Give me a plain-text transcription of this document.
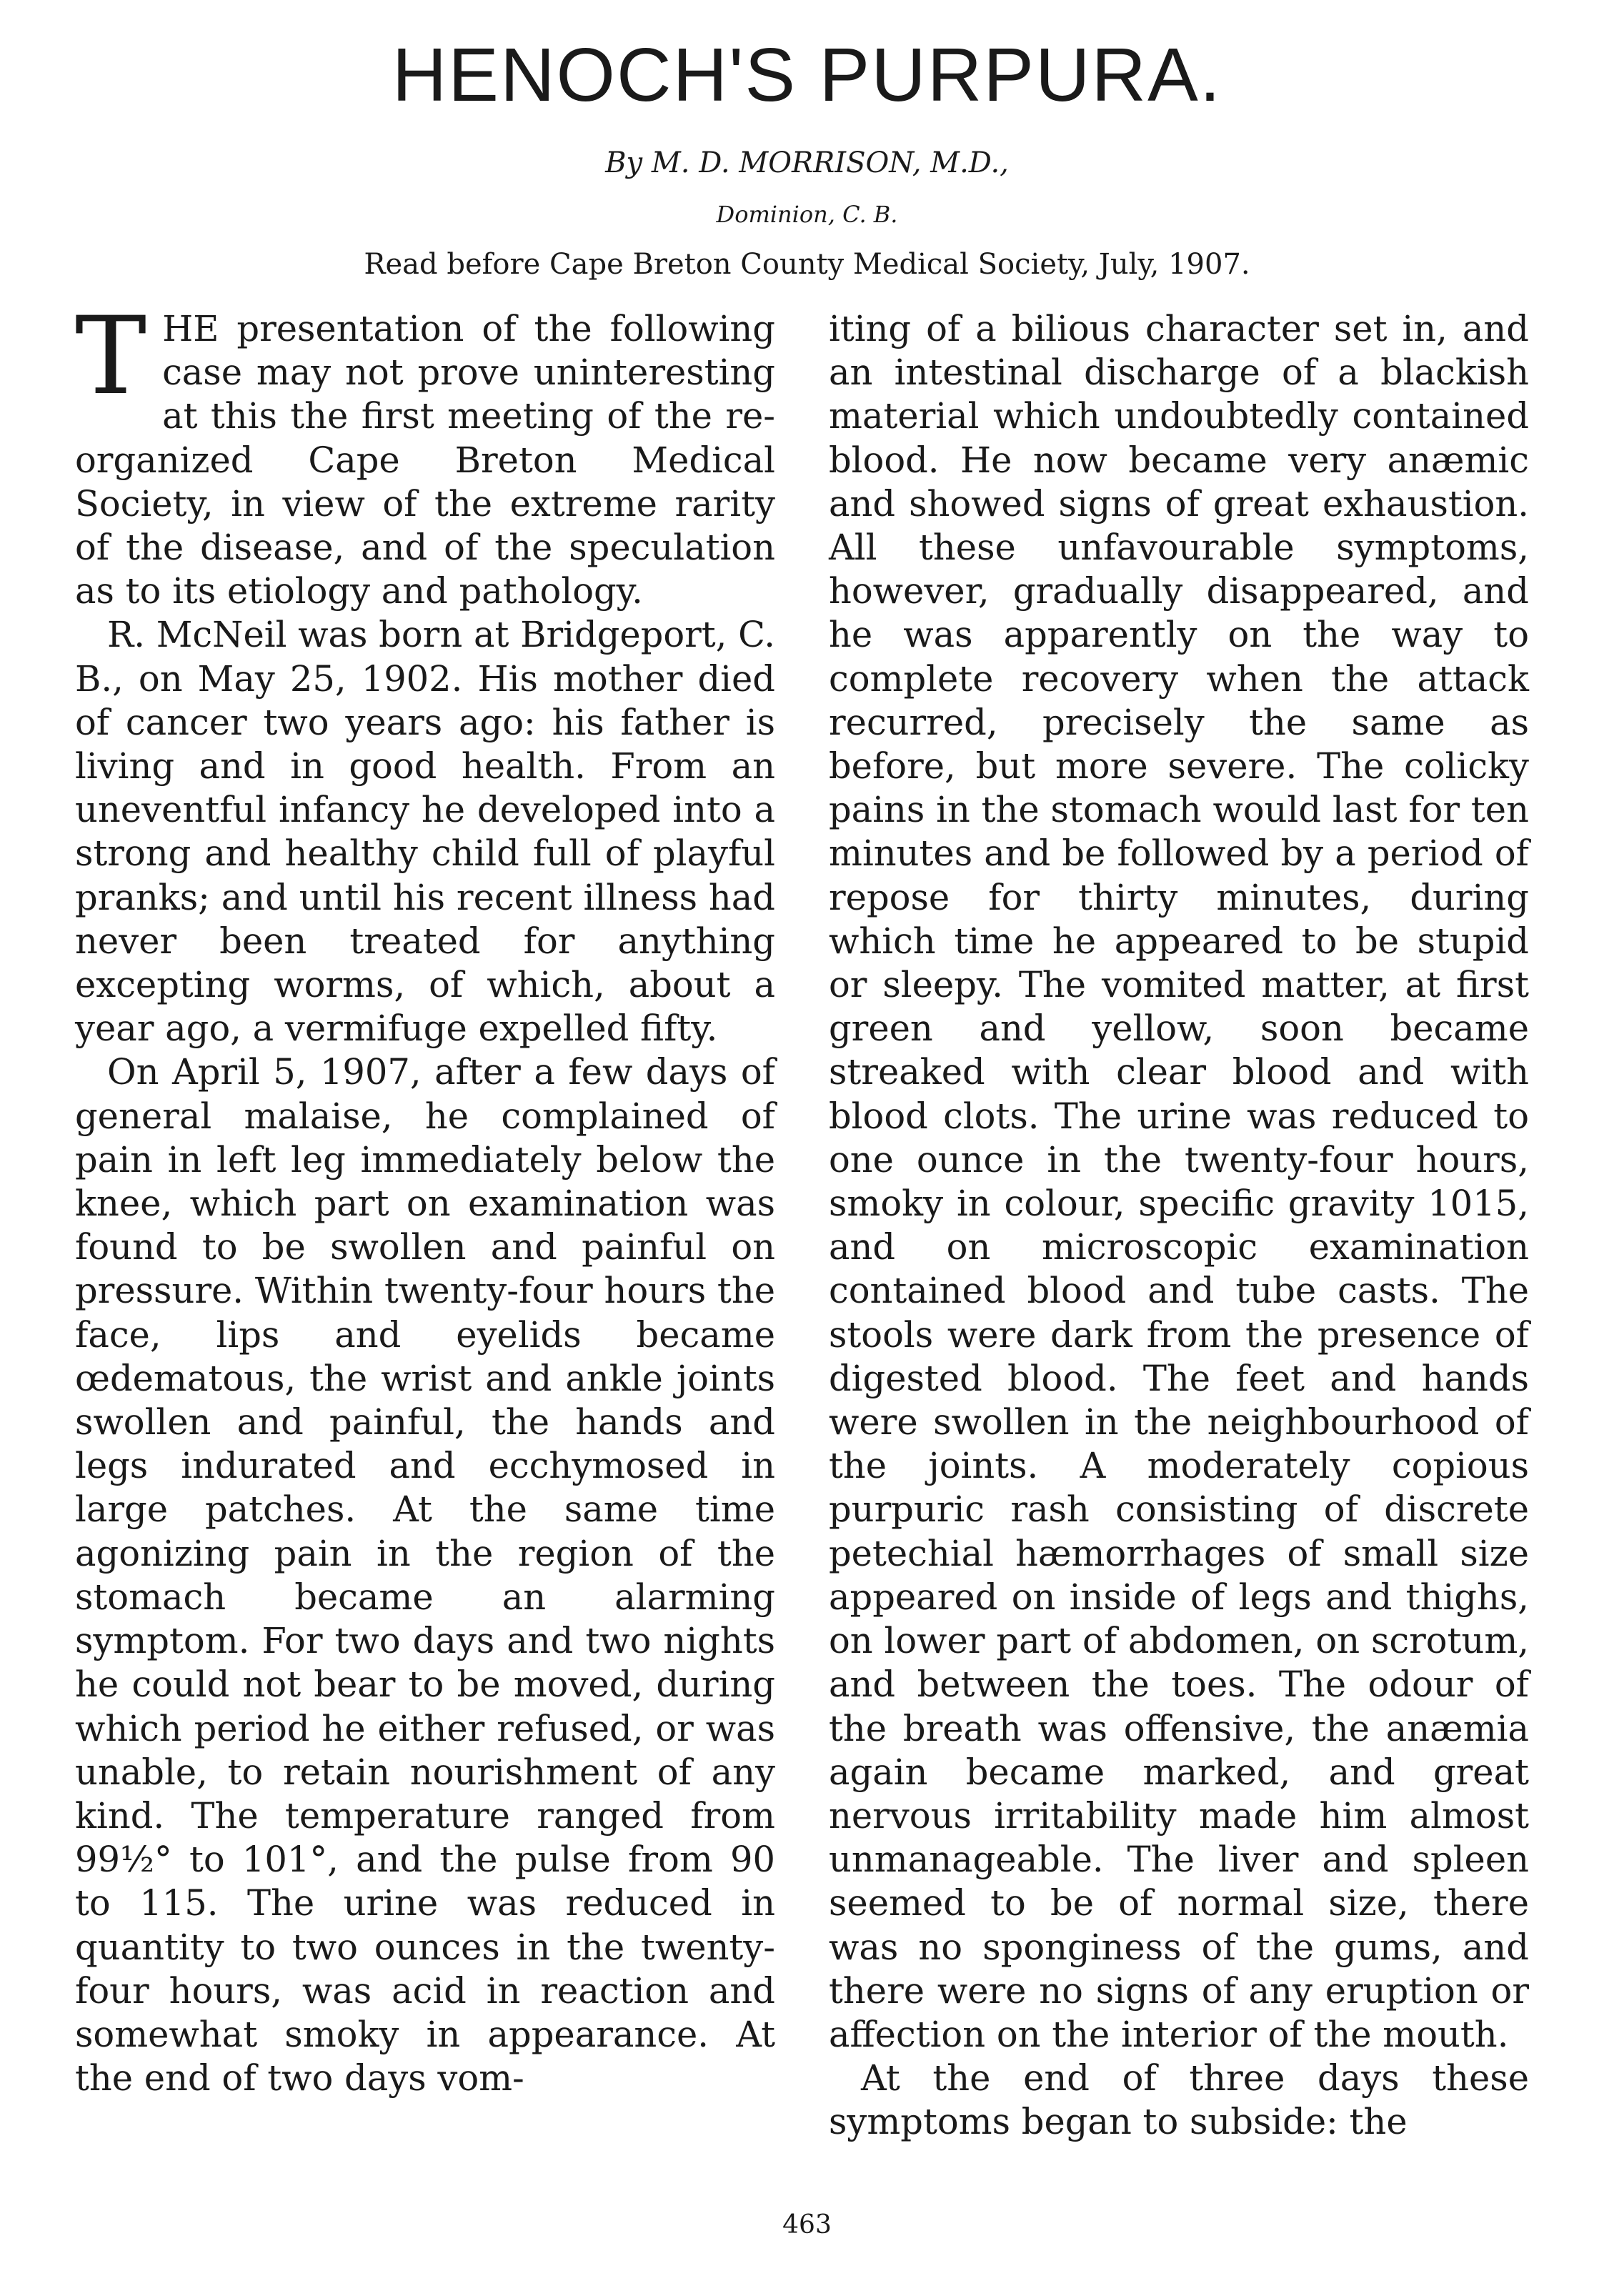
HENOCH'S PURPURA.
By M. D. MORRISON, M.D.,
Dominion, C. B.
Read before Cape Breton County Medical Society, July, 1907.

THE presentation of the following case may not prove uninteresting at this the first meeting of the re-organized Cape Breton Medical Society, in view of the extreme rarity of the disease, and of the speculation as to its etiology and pathology.

R. McNeil was born at Bridgeport, C. B., on May 25, 1902. His mother died of cancer two years ago: his father is living and in good health. From an uneventful infancy he developed into a strong and healthy child full of playful pranks; and until his recent illness had never been treated for anything excepting worms, of which, about a year ago, a vermifuge expelled fifty.

On April 5, 1907, after a few days of general malaise, he complained of pain in left leg immediately below the knee, which part on examination was found to be swollen and painful on pressure. Within twenty-four hours the face, lips and eyelids became œdematous, the wrist and ankle joints swollen and painful, the hands and legs indurated and ecchymosed in large patches. At the same time agonizing pain in the region of the stomach became an alarming symptom. For two days and two nights he could not bear to be moved, during which period he either refused, or was unable, to retain nourishment of any kind. The temperature ranged from 99½° to 101°, and the pulse from 90 to 115. The urine was reduced in quantity to two ounces in the twenty-four hours, was acid in reaction and somewhat smoky in appearance. At the end of two days vom-

iting of a bilious character set in, and an intestinal discharge of a blackish material which undoubtedly contained blood. He now became very anæmic and showed signs of great exhaustion. All these unfavourable symptoms, however, gradually disappeared, and he was apparently on the way to complete recovery when the attack recurred, precisely the same as before, but more severe. The colicky pains in the stomach would last for ten minutes and be followed by a period of repose for thirty minutes, during which time he appeared to be stupid or sleepy. The vomited matter, at first green and yellow, soon became streaked with clear blood and with blood clots. The urine was reduced to one ounce in the twenty-four hours, smoky in colour, specific gravity 1015, and on microscopic examination contained blood and tube casts. The stools were dark from the presence of digested blood. The feet and hands were swollen in the neighbourhood of the joints. A moderately copious purpuric rash consisting of discrete petechial hæmorrhages of small size appeared on inside of legs and thighs, on lower part of abdomen, on scrotum, and between the toes. The odour of the breath was offensive, the anæmia again became marked, and great nervous irritability made him almost unmanageable. The liver and spleen seemed to be of normal size, there was no sponginess of the gums, and there were no signs of any eruption or affection on the interior of the mouth.

At the end of three days these symptoms began to subside: the

463
